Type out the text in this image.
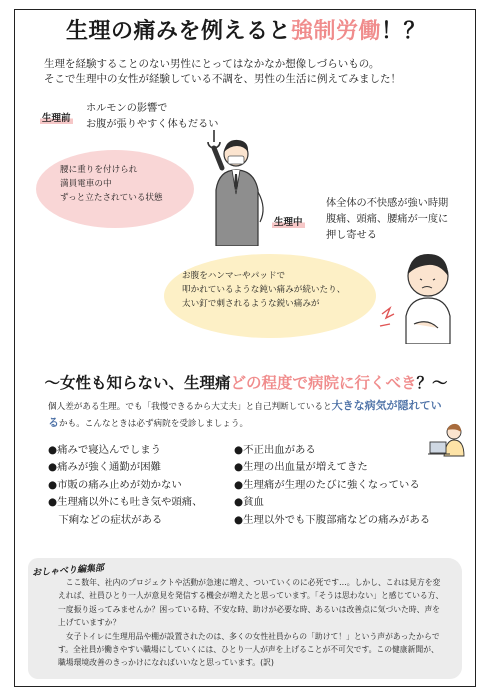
生理の痛みを例えると強制労働！？
生理を経験することのない男性にとってはなかなか想像しづらいもの。
そこで生理中の女性が経験している不調を、男性の生活に例えてみました！
生理前
ホルモンの影響で
お腹が張りやすく体もだるい
腰に重りを付けられ
満員電車の中
ずっと立たされている状態
生理中
体全体の不快感が強い時期
腹痛、頭痛、腰痛が一度に
押し寄せる
お腹をハンマーやパッドで
叩かれているような鈍い痛みが続いたり、
太い釘で刺されるような鋭い痛みが
～女性も知らない、生理痛どの程度で病院に行くべき？～
個人差がある生理。でも「我慢できるから大丈夫」と自己判断していると大きな病気が隠れているかも。こんなときは必ず病院を受診しましょう。
●痛みで寝込んでしまう
●痛みが強く通勤が困難
●市販の痛み止めが効かない
●生理痛以外にも吐き気や頭痛、
　下痢などの症状がある
●不正出血がある
●生理の出血量が増えてきた
●生理痛が生理のたびに強くなっている
●貧血
●生理以外でも下腹部痛などの痛みがある
おしゃべり編集部

　ここ数年、社内のプロジェクトや活動が急速に増え、ついていくのに必死です…。しかし、これは見方を変えれば、社員ひとり一人が意見を発信する機会が増えたと思っています。「そうは思わない」と感じている方、一度振り返ってみませんか？困っている時、不安な時、助けが必要な時、あるいは改善点に気づいた時、声を上げていますか？

　女子トイレに生理用品や棚が設置されたのは、多くの女性社員からの「助けて！」という声があったからです。全社員が働きやすい職場にしていくには、ひとり一人が声を上げることが不可欠です。この健康新聞が、職場環境改善のきっかけになればいいなと思っています。(訳)
